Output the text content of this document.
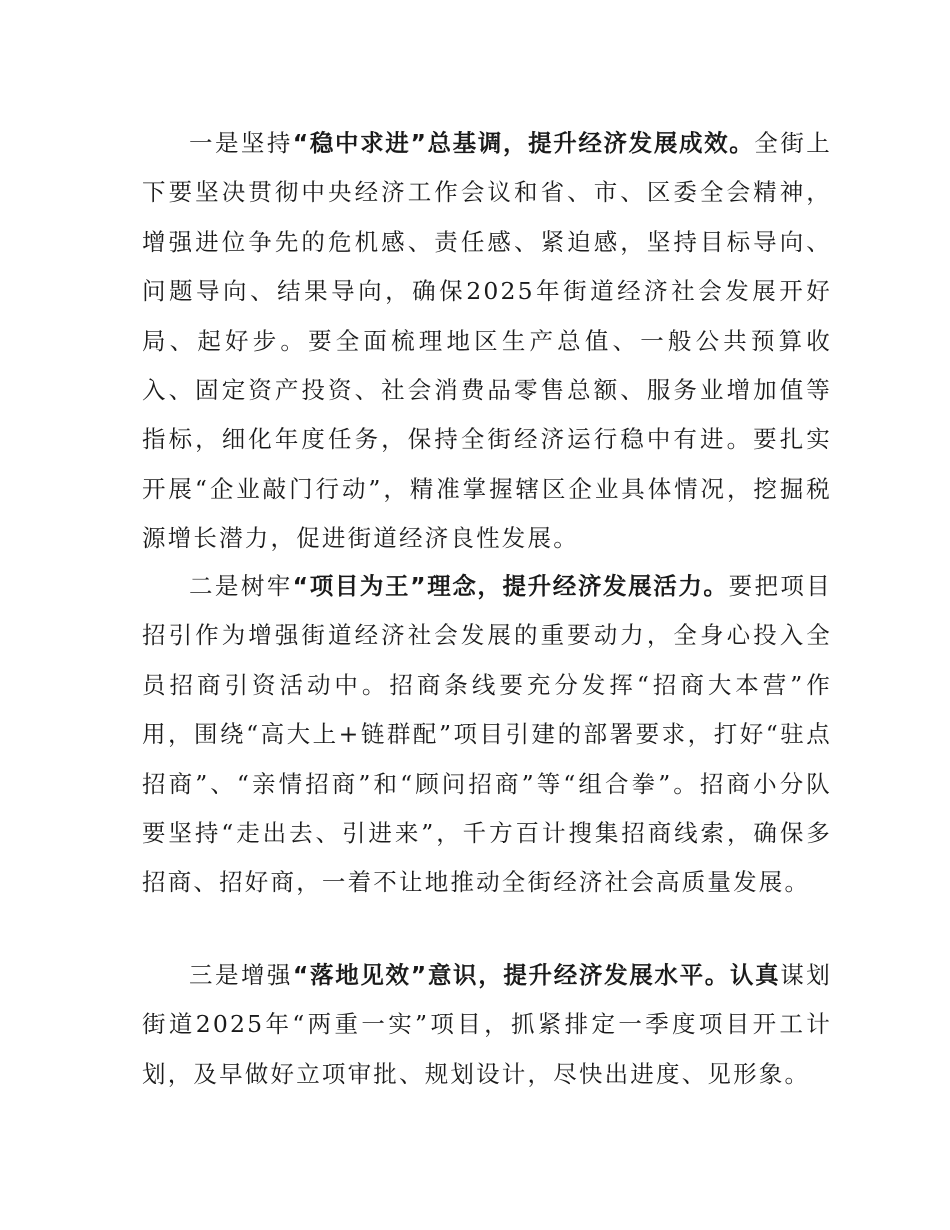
一是坚持“稳中求进”总基调，提升经济发展成效。全街上下要坚决贯彻中央经济工作会议和省、市、区委全会精神，增强进位争先的危机感、责任感、紧迫感，坚持目标导向、问题导向、结果导向，确保2025年街道经济社会发展开好局、起好步。要全面梳理地区生产总值、一般公共预算收入、固定资产投资、社会消费品零售总额、服务业增加值等指标，细化年度任务，保持全街经济运行稳中有进。要扎实开展“企业敲门行动”，精准掌握辖区企业具体情况，挖掘税源增长潜力，促进街道经济良性发展。

二是树牢“项目为王”理念，提升经济发展活力。要把项目招引作为增强街道经济社会发展的重要动力，全身心投入全员招商引资活动中。招商条线要充分发挥“招商大本营”作用，围绕“高大上+链群配”项目引建的部署要求，打好“驻点招商”、“亲情招商”和“顾问招商”等“组合拳”。招商小分队要坚持“走出去、引进来”，千方百计搜集招商线索，确保多招商、招好商，一着不让地推动全街经济社会高质量发展。

三是增强“落地见效”意识，提升经济发展水平。认真谋划街道2025年“两重一实”项目，抓紧排定一季度项目开工计划，及早做好立项审批、规划设计，尽快出进度、见形象。
